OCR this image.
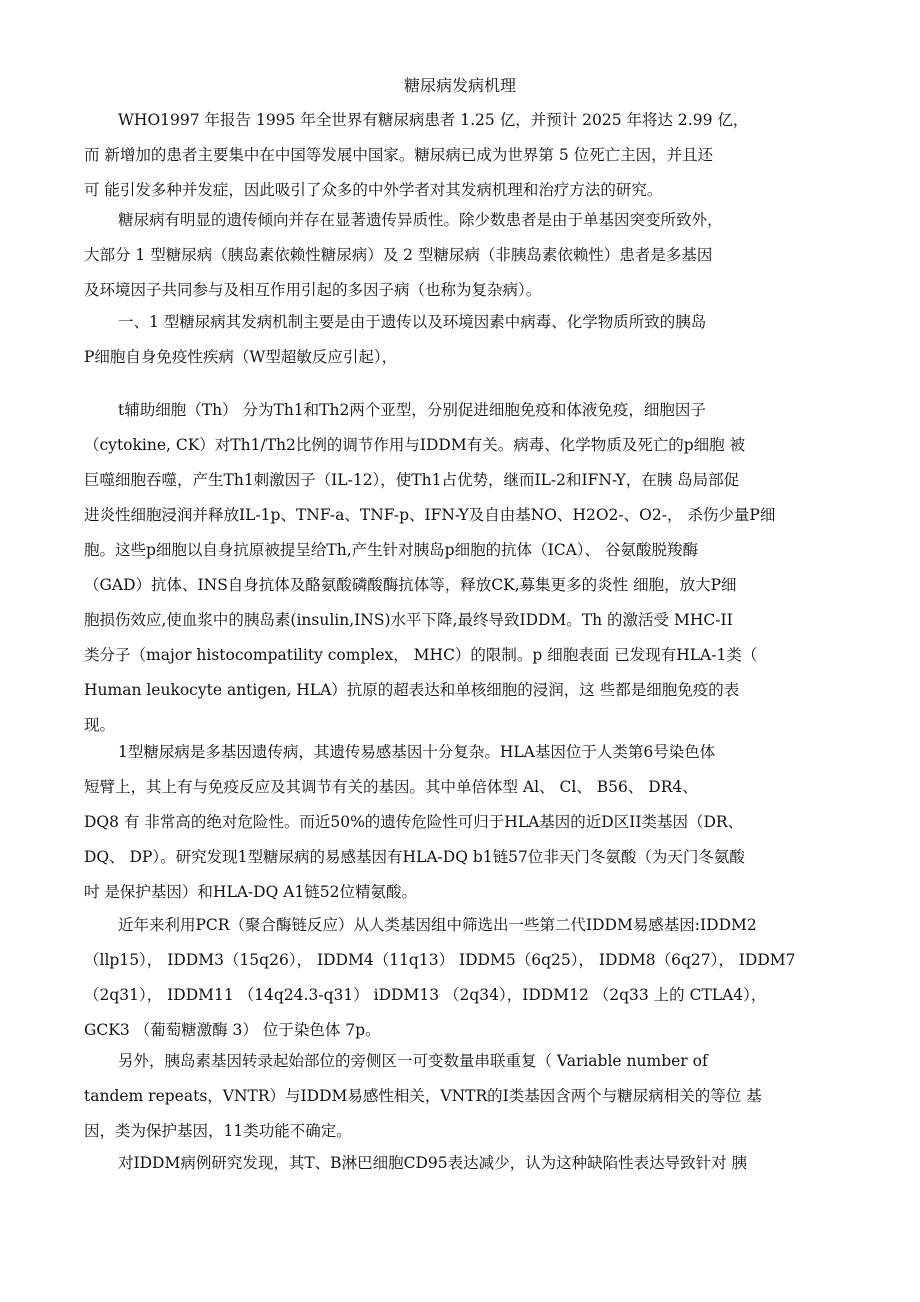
糖尿病发病机理
WHO1997 年报告 1995 年全世界有糖尿病患者 1.25 亿，并预计 2025 年将达 2.99 亿，
而 新增加的患者主要集中在中国等发展中国家。糖尿病已成为世界第 5 位死亡主因，并且还
可 能引发多种并发症，因此吸引了众多的中外学者对其发病机理和治疗方法的研究。
糖尿病有明显的遗传倾向并存在显著遗传异质性。除少数患者是由于单基因突变所致外，
大部分 1 型糖尿病（胰岛素依赖性糖尿病）及 2 型糖尿病（非胰岛素依赖性）患者是多基因
及环境因子共同参与及相互作用引起的多因子病（也称为复杂病）。
一、1 型糖尿病其发病机制主要是由于遗传以及环境因素中病毒、化学物质所致的胰岛
P细胞自身免疫性疾病（W型超敏反应引起），
t辅助细胞（Th） 分为Th1和Th2两个亚型，分别促进细胞免疫和体液免疫，细胞因子
（cytokine, CK）对Th1/Th2比例的调节作用与IDDM有关。病毒、化学物质及死亡的p细胞 被
巨噬细胞吞噬，产生Th1刺激因子（IL-12），使Th1占优势，继而IL-2和IFN-Y，在胰 岛局部促
进炎性细胞浸润并释放IL-1p、TNF-a、TNF-p、IFN-Y及自由基NO、H2O2-、O2-， 杀伤少量P细
胞。这些p细胞以自身抗原被提呈给Th,产生针对胰岛p细胞的抗体（ICA）、 谷氨酸脱羧酶
（GAD）抗体、INS自身抗体及酪氨酸磷酸酶抗体等，释放CK,募集更多的炎性 细胞，放大P细
胞损伤效应,使血浆中的胰岛素(insulin,INS)水平下降,最终导致IDDM。Th 的激活受 MHC-II
类分子（major histocompatility complex， MHC）的限制。p 细胞表面 已发现有HLA-1类（
Human leukocyte antigen, HLA）抗原的超表达和单核细胞的浸润，这 些都是细胞免疫的表
现。
1型糖尿病是多基因遗传病，其遗传易感基因十分复杂。HLA基因位于人类第6号染色体
短臂上，其上有与免疫反应及其调节有关的基因。其中单倍体型 Al、 Cl、 B56、 DR4、
DQ8 有 非常高的绝对危险性。而近50%的遗传危险性可归于HLA基因的近D区II类基因（DR、
DQ、 DP）。研究发现1型糖尿病的易感基因有HLA-DQ b1链57位非天门冬氨酸（为天门冬氨酸
吋 是保护基因）和HLA-DQ A1链52位精氨酸。
近年来利用PCR（聚合酶链反应）从人类基因组中筛选出一些第二代IDDM易感基因:IDDM2
（llp15）， IDDM3（15q26）， IDDM4（11q13） IDDM5（6q25）， IDDM8（6q27）， IDDM7
（2q31）， IDDM11 （14q24.3-q31） iDDM13 （2q34），IDDM12 （2q33 上的 CTLA4），
GCK3 （葡萄糖激酶 3） 位于染色体 7p。
另外，胰岛素基因转录起始部位的旁侧区一可变数量串联重复（ Variable number of
tandem repeats，VNTR）与IDDM易感性相关，VNTR的I类基因含两个与糖尿病相关的等位 基
因，类为保护基因，11类功能不确定。
对IDDM病例研究发现，其T、B淋巴细胞CD95表达减少，认为这种缺陷性表达导致针对 胰
